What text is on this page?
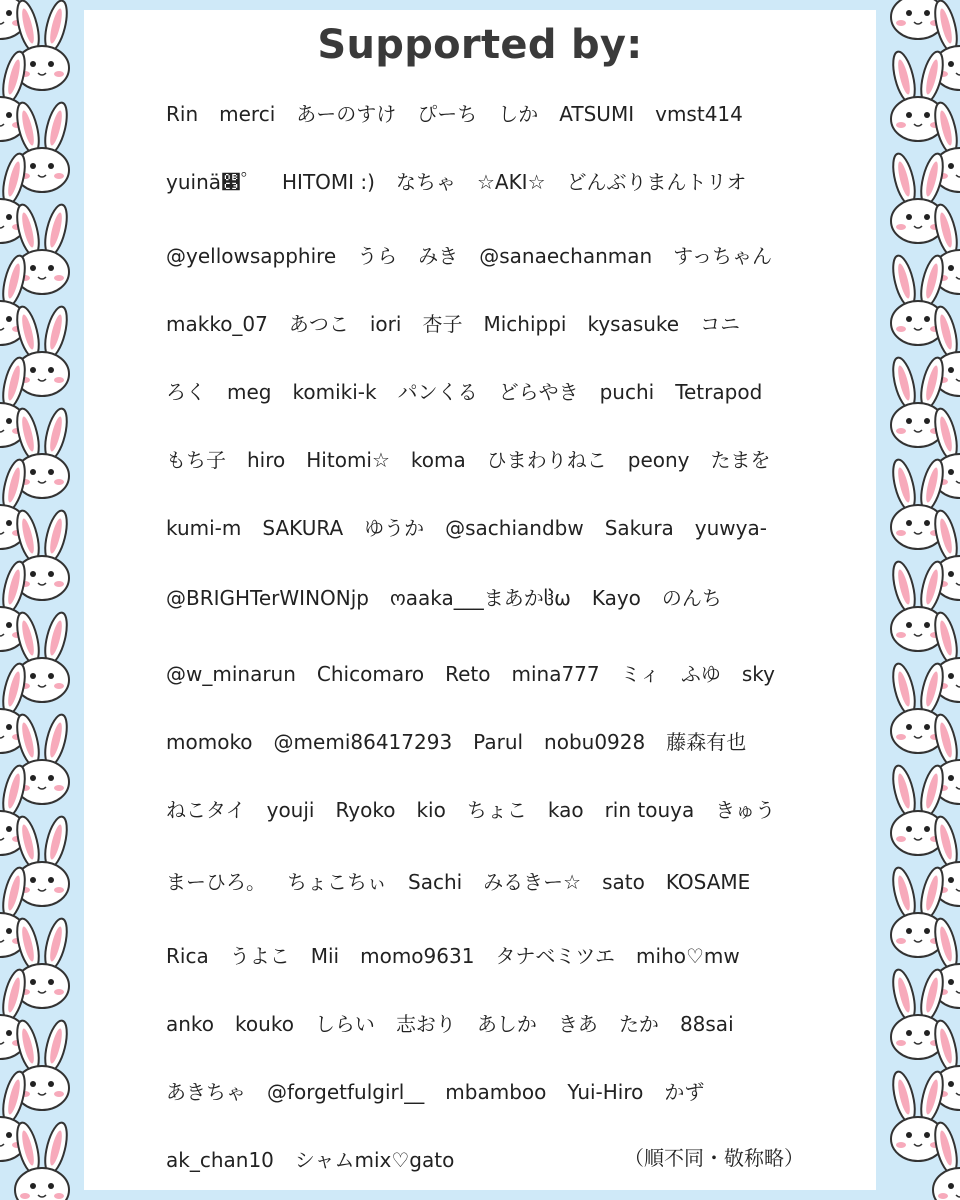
Supported by:
Rin merci あーのすけ ぴーち しか ATSUMI vmst414
yuinä௃゜ HITOMI :) なちゃ ☆AKI☆ どんぶりまんトリオ
@yellowsapphire うら みき @sanaechanman すっちゃん
makko_07 あつこ iori 杏子 Michippi kysasuke コニ
ろく meg komiki-k パンくる どらやき puchi Tetrapod
もち子 hiro Hitomi☆ koma ひまわりねこ peony たまを
kumi-m SAKURA ゆうか @sachiandbw Sakura yuwya-
@BRIGHTerWINONjp ოaaka___まあかჱω Kayo のんち
@w_minarun Chicomaro Reto mina777 ミィ ふゆ sky
momoko @memi86417293 Parul nobu0928 藤森有也
ねこタイ youji Ryoko kio ちょこ kao rin touya きゅう
まーひろ。 ちょこちぃ Sachi みるきー☆ sato KOSAME
Rica うよこ Mii momo9631 タナベミツエ miho♡mw
anko kouko しらい 志おり あしか きあ たか 88sai
あきちゃ @forgetfulgirl__ mbamboo Yui-Hiro かず
ak_chan10 シャムmix♡gato	（順不同・敬称略）
